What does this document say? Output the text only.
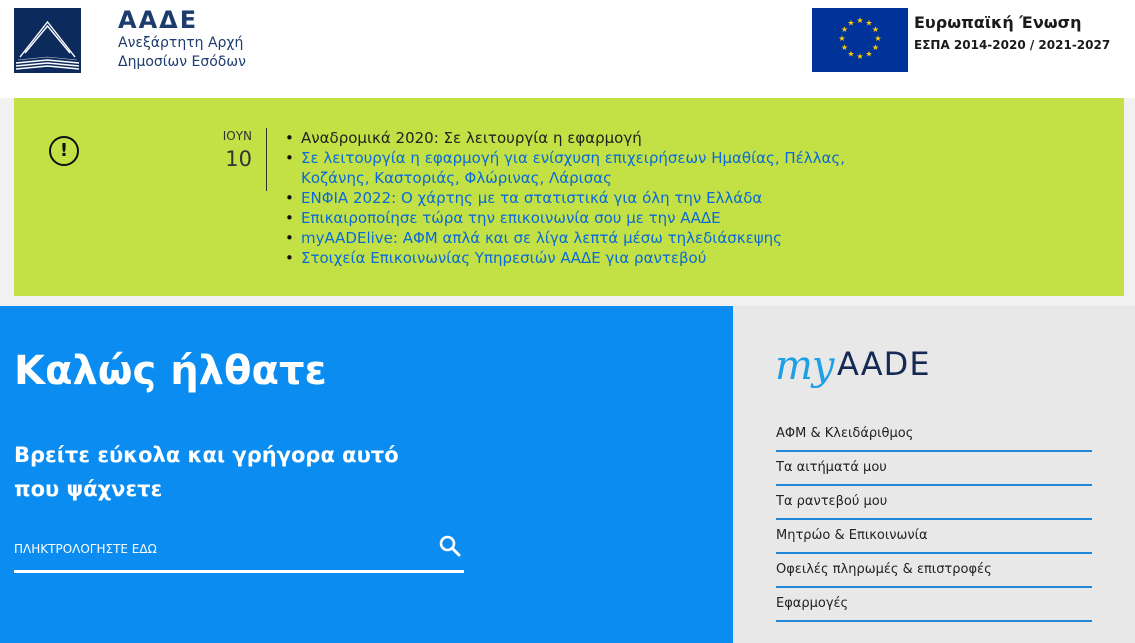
ΑΑΔΕ
Ανεξάρτητη Αρχή
Δημοσίων Εσόδων
★ ★
★
★
★
★
★
★
★
★
★
★	Ευρωπαϊκή Ένωση
ΕΣΠΑ 2014-2020 / 2021-2027
!
ΙΟΥΝ
10
• Αναδρομικά 2020: Σε λειτουργία η εφαρμογή
• Σε λειτουργία η εφαρμογή για ενίσχυση επιχειρήσεων Ημαθίας, Πέλλας, Κοζάνης, Καστοριάς, Φλώρινας, Λάρισας
• ΕΝΦΙΑ 2022: Ο χάρτης με τα στατιστικά για όλη την Ελλάδα
• Επικαιροποίησε τώρα την επικοινωνία σου με την ΑΑΔΕ
• myAADElive: ΑΦΜ απλά και σε λίγα λεπτά μέσω τηλεδιάσκεψης
• Στοιχεία Επικοινωνίας Υπηρεσιών ΑΑΔΕ για ραντεβού
Καλώς ήλθατε
Βρείτε εύκολα και γρήγορα αυτό που ψάχνετε
ΠΛΗΚΤΡΟΛΟΓΗΣΤΕ ΕΔΩ
my AADE
ΑΦΜ & Κλειδάριθμος
Τα αιτήματά μου
Τα ραντεβού μου
Μητρώο & Επικοινωνία
Οφειλές πληρωμές & επιστροφές
Εφαρμογές
